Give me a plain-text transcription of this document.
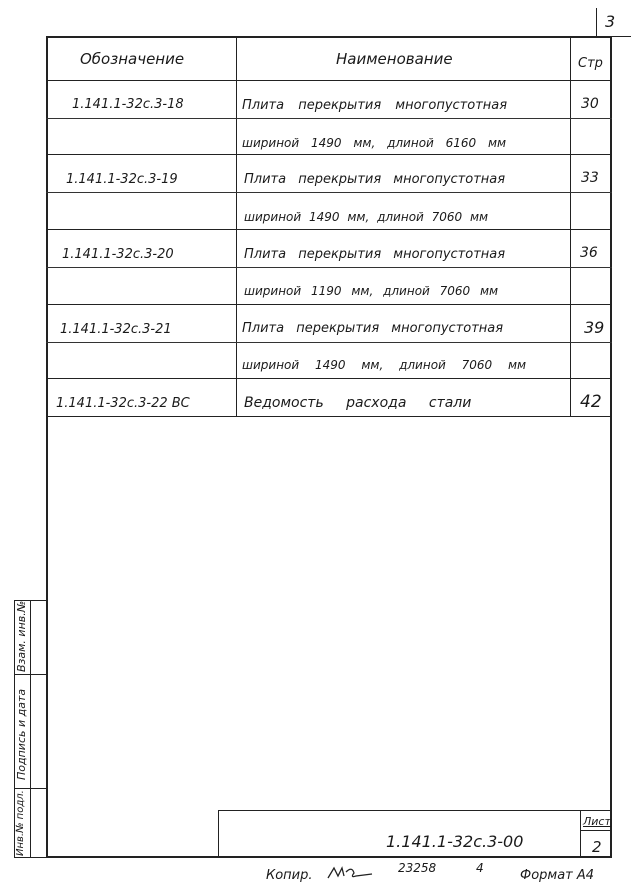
3
Обозначение	Наименование	Стр
1.141.1-32с.3-18	Плита перекрытия многопустотная	30
шириной 1490 мм, длиной 6160 мм
1.141.1-32с.3-19	Плита перекрытия многопустотная	33
шириной 1490 мм, длиной 7060 мм
1.141.1-32с.3-20	Плита перекрытия многопустотная	36
шириной 1190 мм, длиной 7060 мм
1.141.1-32с.3-21	Плита перекрытия многопустотная	39
шириной 1490 мм, длиной 7060 мм
1.141.1-32с.3-22 ВС	Ведомость расхода стали	42
Взам. инв.№
Подпись и дата
Инв.№ подл.	1.141.1-32с.3-00
Лист
2
Копир.	23258	4	Формат А4
